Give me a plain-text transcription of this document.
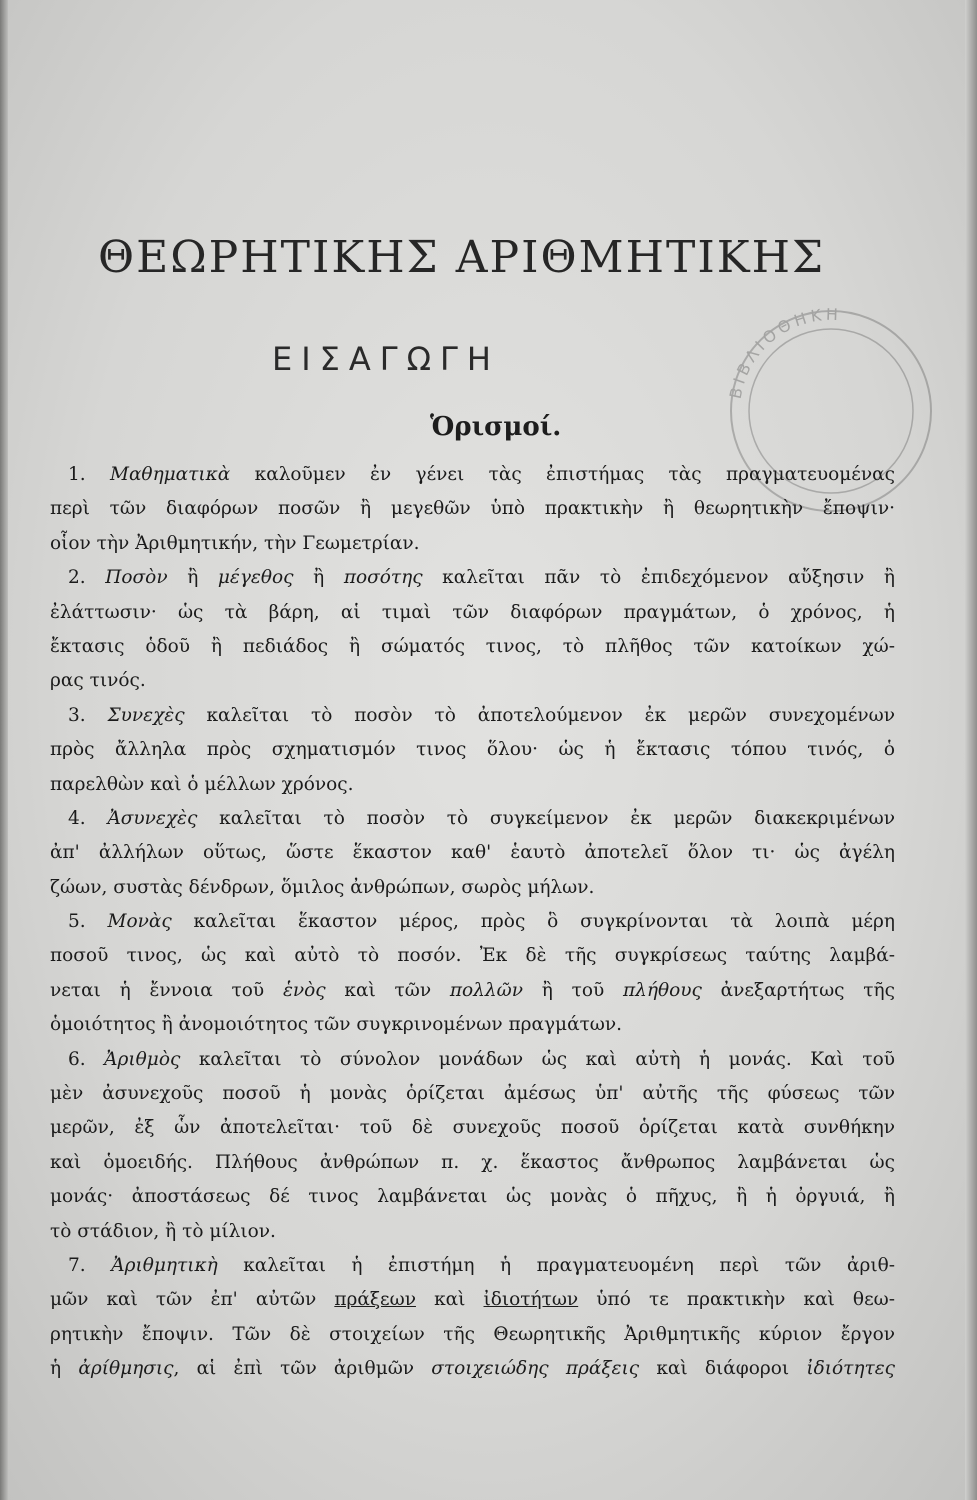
ΒΙΒΛΙΟΘΗΚΗ
ΘΕΩΡΗΤΙΚΗΣ ΑΡΙΘΜΗΤΙΚΗΣ
ΕΙΣΑΓΩΓΗ
Ὁρισμοί.
1. Μαθηματικὰ καλοῦμεν ἐν γένει τὰς ἐπιστήμας τὰς πραγματευομένας
περὶ τῶν διαφόρων ποσῶν ἢ μεγεθῶν ὑπὸ πρακτικὴν ἢ θεωρητικὴν ἔποψιν·
οἷον τὴν Ἀριθμητικήν, τὴν Γεωμετρίαν.
2. Ποσὸν ἢ μέγεθος ἢ ποσότης καλεῖται πᾶν τὸ ἐπιδεχόμενον αὔξησιν ἢ
ἐλάττωσιν· ὡς τὰ βάρη, αἱ τιμαὶ τῶν διαφόρων πραγμάτων, ὁ χρόνος, ἡ
ἔκτασις ὁδοῦ ἢ πεδιάδος ἢ σώματός τινος, τὸ πλῆθος τῶν κατοίκων χώ-
ρας τινός.
3. Συνεχὲς καλεῖται τὸ ποσὸν τὸ ἀποτελούμενον ἐκ μερῶν συνεχομένων
πρὸς ἄλληλα πρὸς σχηματισμόν τινος ὅλου· ὡς ἡ ἔκτασις τόπου τινός, ὁ
παρελθὼν καὶ ὁ μέλλων χρόνος.
4. Ἀσυνεχὲς καλεῖται τὸ ποσὸν τὸ συγκείμενον ἐκ μερῶν διακεκριμένων
ἀπ' ἀλλήλων οὕτως, ὥστε ἕκαστον καθ' ἑαυτὸ ἀποτελεῖ ὅλον τι· ὡς ἀγέλη
ζώων, συστὰς δένδρων, ὅμιλος ἀνθρώπων, σωρὸς μήλων.
5. Μονὰς καλεῖται ἕκαστον μέρος, πρὸς ὃ συγκρίνονται τὰ λοιπὰ μέρη
ποσοῦ τινος, ὡς καὶ αὐτὸ τὸ ποσόν. Ἐκ δὲ τῆς συγκρίσεως ταύτης λαμβά-
νεται ἡ ἔννοια τοῦ ἑνὸς καὶ τῶν πολλῶν ἢ τοῦ πλήθους ἀνεξαρτήτως τῆς
ὁμοιότητος ἢ ἀνομοιότητος τῶν συγκρινομένων πραγμάτων.
6. Ἀριθμὸς καλεῖται τὸ σύνολον μονάδων ὡς καὶ αὐτὴ ἡ μονάς. Καὶ τοῦ
μὲν ἀσυνεχοῦς ποσοῦ ἡ μονὰς ὁρίζεται ἀμέσως ὑπ' αὐτῆς τῆς φύσεως τῶν
μερῶν, ἐξ ὧν ἀποτελεῖται· τοῦ δὲ συνεχοῦς ποσοῦ ὁρίζεται κατὰ συνθήκην
καὶ ὁμοειδής. Πλήθους ἀνθρώπων π. χ. ἕκαστος ἄνθρωπος λαμβάνεται ὡς
μονάς· ἀποστάσεως δέ τινος λαμβάνεται ὡς μονὰς ὁ πῆχυς, ἢ ἡ ὀργυιά, ἢ
τὸ στάδιον, ἢ τὸ μίλιον.
7. Ἀριθμητικὴ καλεῖται ἡ ἐπιστήμη ἡ πραγματευομένη περὶ τῶν ἀριθ-
μῶν καὶ τῶν ἐπ' αὐτῶν πράξεων καὶ ἰδιοτήτων ὑπό τε πρακτικὴν καὶ θεω-
ρητικὴν ἔποψιν. Τῶν δὲ στοιχείων τῆς Θεωρητικῆς Ἀριθμητικῆς κύριον ἔργον
ἡ ἀρίθμησις, αἱ ἐπὶ τῶν ἀριθμῶν στοιχειώδης πράξεις καὶ διάφοροι ἰδιότητες
